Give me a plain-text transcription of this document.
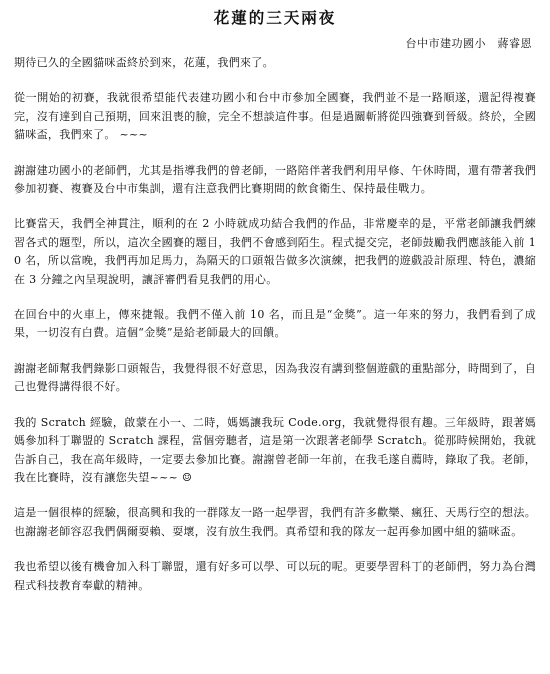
花蓮的三天兩夜
台中市建功國小　蔣睿恩

期待已久的全國貓咪盃終於到來，花蓮，我們來了。

從一開始的初賽，我就很希望能代表建功國小和台中市參加全國賽，我們並不是一路順遂，還記得複賽完，沒有達到自己預期，回來沮喪的臉，完全不想談這件事。但是過關斬將從四強賽到晉級。終於，全國貓咪盃，我們來了。 ~~~

謝謝建功國小的老師們，尤其是指導我們的曾老師，一路陪伴著我們利用早修、午休時間，還有帶著我們參加初賽、複賽及台中市集訓，還有注意我們比賽期間的飲食衛生、保持最佳戰力。

比賽當天，我們全神貫注，順利的在 2 小時就成功結合我們的作品，非常慶幸的是，平常老師讓我們練習各式的題型，所以，這次全國賽的題目，我們不會感到陌生。程式提交完，老師鼓勵我們應該能入前 10 名，所以當晚，我們再加足馬力，為隔天的口頭報告做多次演練，把我們的遊戲設計原理、特色，濃縮在 3 分鐘之內呈現說明，讓評審們看見我們的用心。

在回台中的火車上，傳來捷報。我們不僅入前 10 名，而且是“金獎”。這一年來的努力，我們看到了成果，一切沒有白費。這個“金獎”是給老師最大的回饋。

謝謝老師幫我們錄影口頭報告，我覺得很不好意思，因為我沒有講到整個遊戲的重點部分，時間到了，自己也覺得講得很不好。

我的 Scratch 經驗，啟蒙在小一、二時，媽媽讓我玩 Code.org，我就覺得很有趣。三年級時，跟著媽媽參加科丁聯盟的 Scratch 課程，當個旁聽者，這是第一次跟著老師學 Scratch。從那時候開始，我就告訴自己，我在高年級時，一定要去參加比賽。謝謝曾老師一年前，在我毛遂自薦時，錄取了我。老師，我在比賽時，沒有讓您失望~~~ ☺

這是一個很棒的經驗，很高興和我的一群隊友一路一起學習，我們有許多歡樂、瘋狂、天馬行空的想法。也謝謝老師容忍我們偶爾耍賴、耍壞，沒有放生我們。真希望和我的隊友一起再參加國中組的貓咪盃。

我也希望以後有機會加入科丁聯盟，還有好多可以學、可以玩的呢。更要學習科丁的老師們，努力為台灣程式科技教育奉獻的精神。
